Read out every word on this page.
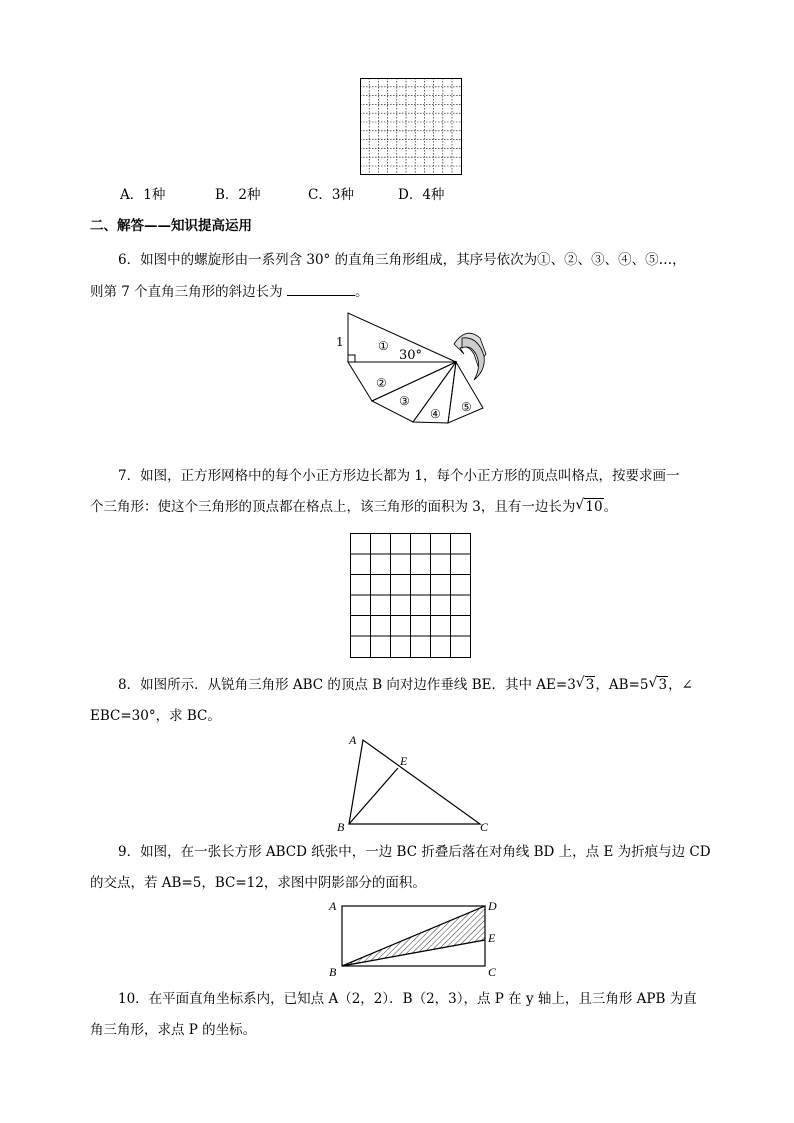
A．1种	B．2种	C．3种	D．4种
二、解答——知识提高运用
6．如图中的螺旋形由一系列含 30° 的直角三角形组成，其序号依次为①、②、③、④、⑤…，
则第 7 个直角三角形的斜边长为	。
1
30°
①
②
③
④ ⑤
7．如图，正方形网格中的每个小正方形边长都为 1，每个小正方形的顶点叫格点，按要求画一
个三角形：使这个三角形的顶点都在格点上，该三角形的面积为 3，且有一边长为 √ 10。
8．如图所示．从锐角三角形 ABC 的顶点 B 向对边作垂线 BE．其中 AE=3 √ 3，AB=5 √ 3，∠
EBC=30°，求 BC。
A
B	C
E
9．如图，在一张长方形 ABCD 纸张中，一边 BC 折叠后落在对角线 BD 上，点 E 为折痕与边 CD
的交点，若 AB=5，BC=12，求图中阴影部分的面积。
A
B	C
D
E
10．在平面直角坐标系内，已知点 A（2，2）．B（2，3），点 P 在 y 轴上，且三角形 APB 为直
角三角形，求点 P 的坐标。
